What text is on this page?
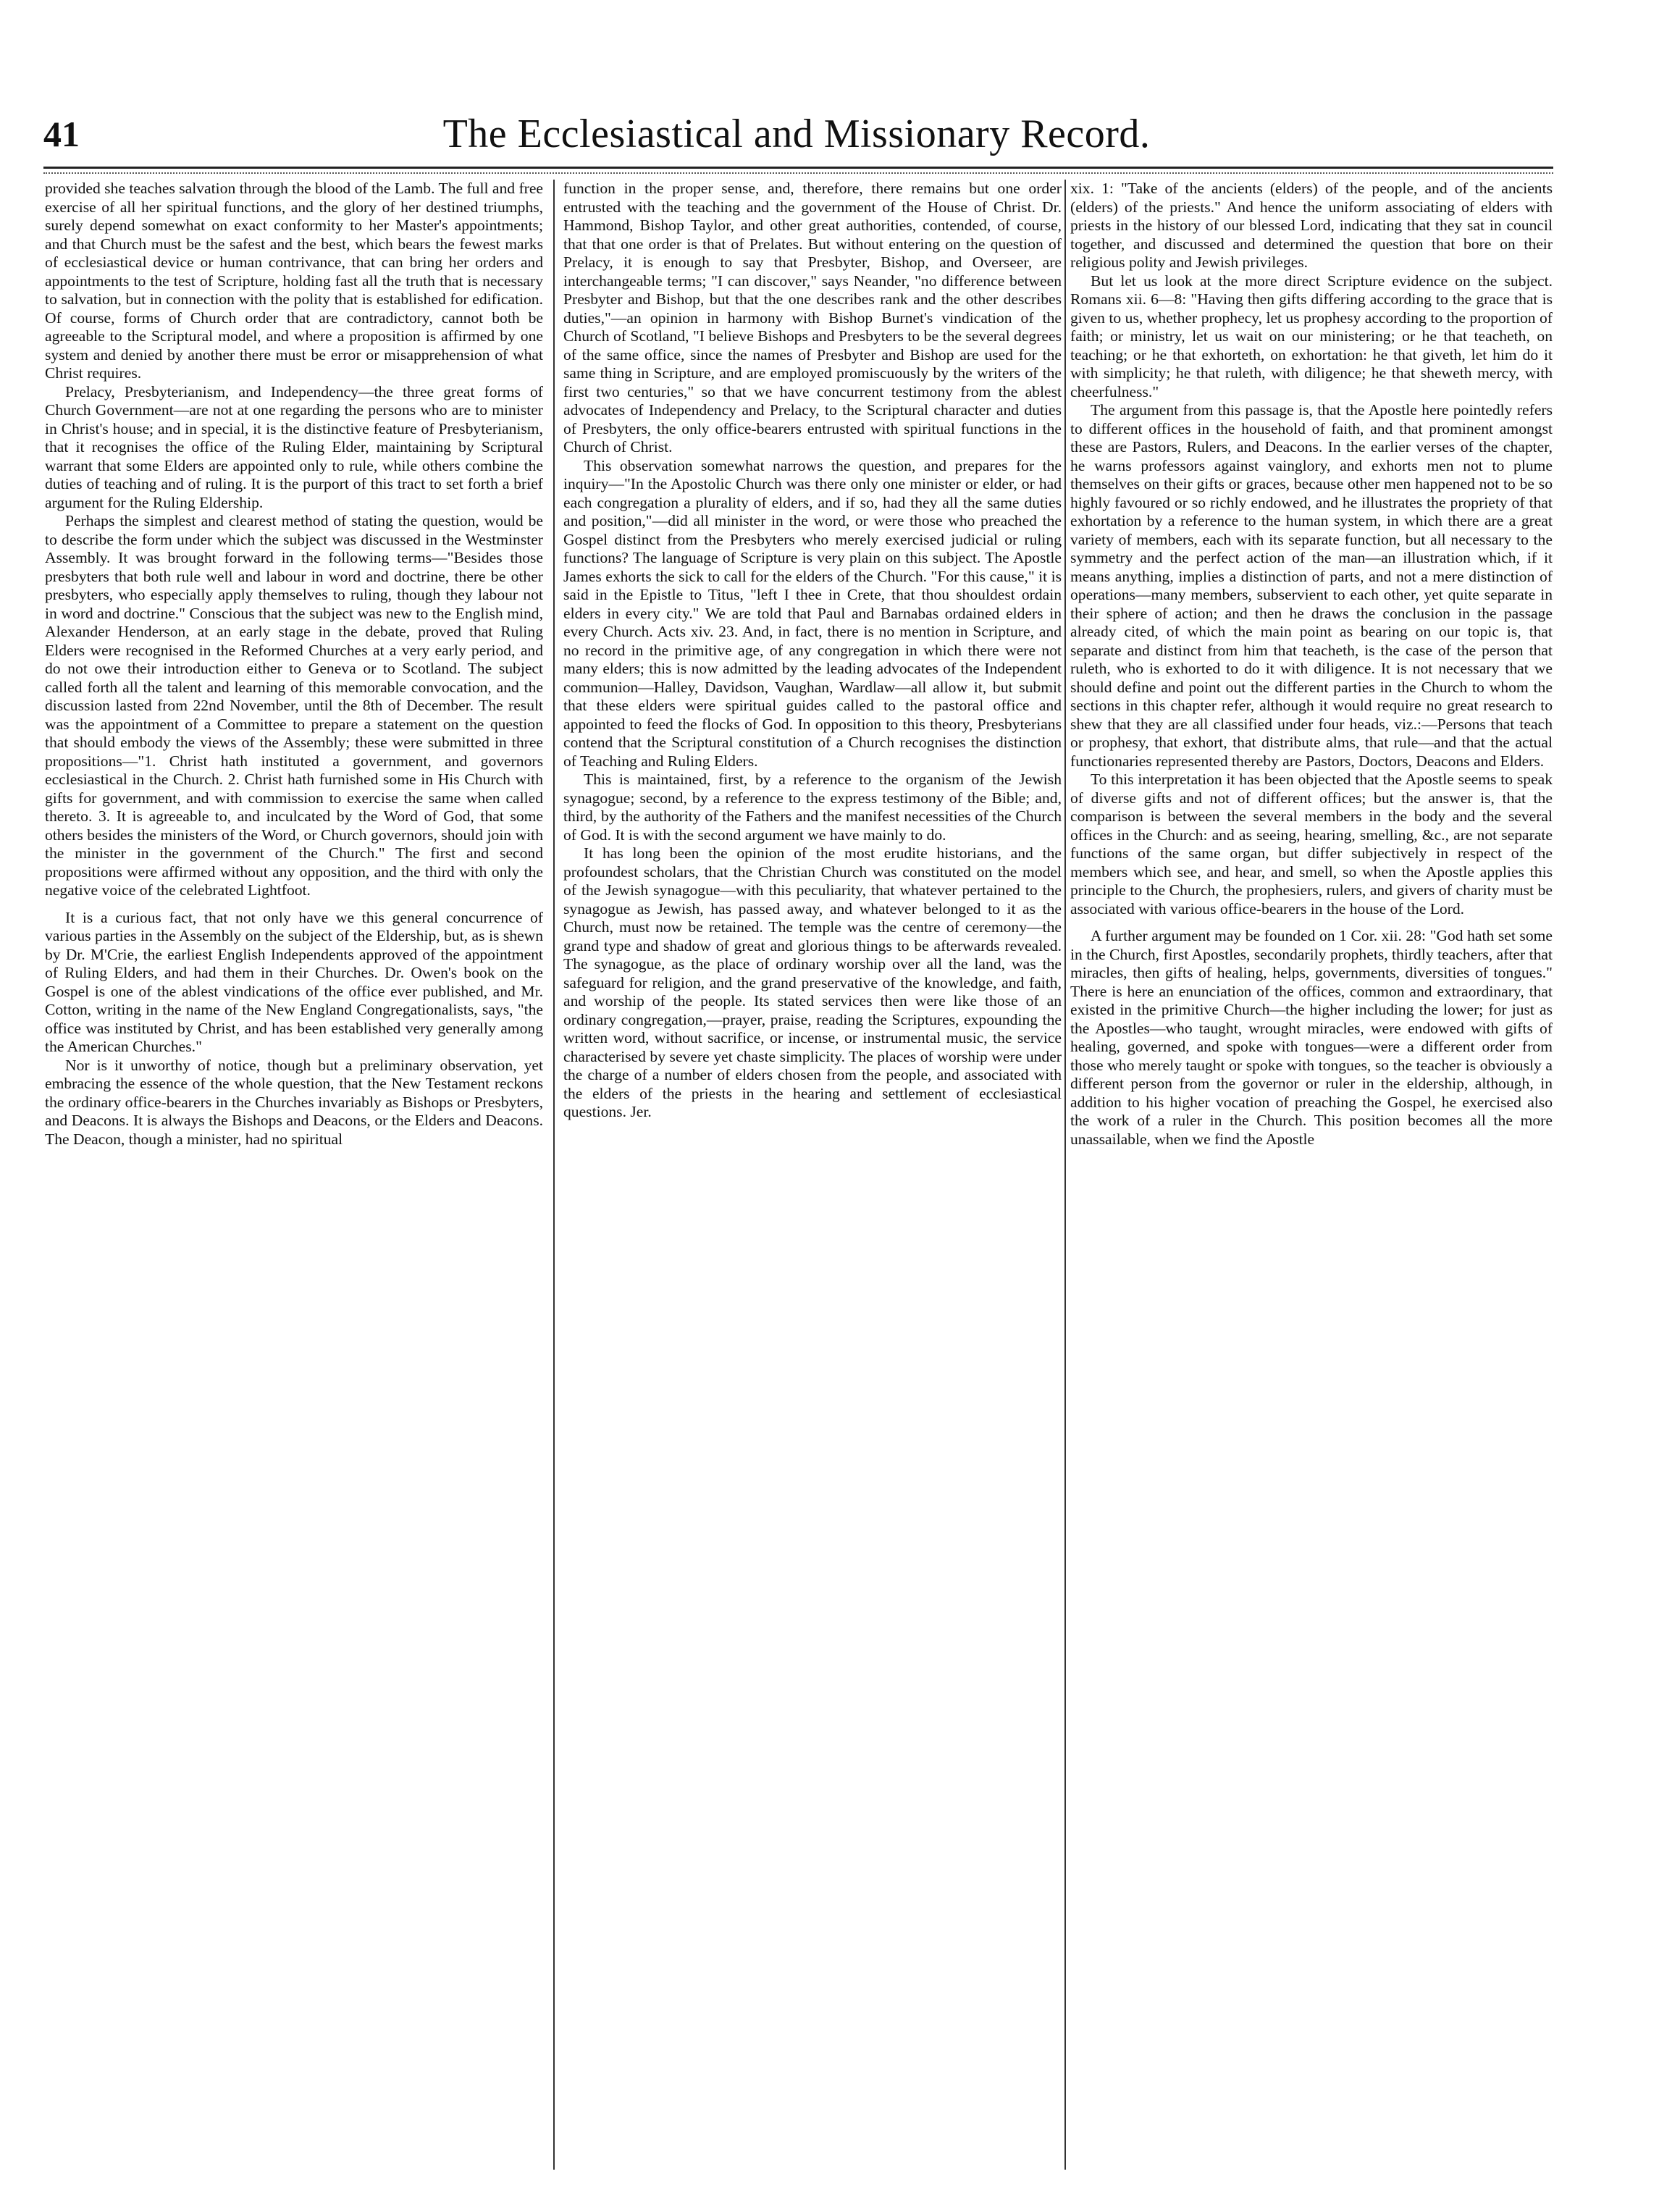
41	The Ecclesiastical and Missionary Record.

provided she teaches salvation through the blood of the Lamb. The full and free exercise of all her spiritual functions, and the glory of her destined triumphs, surely depend somewhat on exact conformity to her Master's appointments; and that Church must be the safest and the best, which bears the fewest marks of ecclesiastical device or human contrivance, that can bring her orders and appointments to the test of Scripture, holding fast all the truth that is necessary to salvation, but in connection with the polity that is established for edification. Of course, forms of Church order that are contradictory, cannot both be agreeable to the Scriptural model, and where a proposition is affirmed by one system and denied by another there must be error or misapprehension of what Christ requires.

Prelacy, Presbyterianism, and Independency—the three great forms of Church Government—are not at one regarding the persons who are to minister in Christ's house; and in special, it is the distinctive feature of Presbyterianism, that it recognises the office of the Ruling Elder, maintaining by Scriptural warrant that some Elders are appointed only to rule, while others combine the duties of teaching and of ruling. It is the purport of this tract to set forth a brief argument for the Ruling Eldership.

Perhaps the simplest and clearest method of stating the question, would be to describe the form under which the subject was discussed in the Westminster Assembly. It was brought forward in the following terms—"Besides those presbyters that both rule well and labour in word and doctrine, there be other presbyters, who especially apply themselves to ruling, though they labour not in word and doctrine." Conscious that the subject was new to the English mind, Alexander Henderson, at an early stage in the debate, proved that Ruling Elders were recognised in the Reformed Churches at a very early period, and do not owe their introduction either to Geneva or to Scotland. The subject called forth all the talent and learning of this memorable convocation, and the discussion lasted from 22nd November, until the 8th of December. The result was the appointment of a Committee to prepare a statement on the question that should embody the views of the Assembly; these were submitted in three propositions—"1. Christ hath instituted a government, and governors ecclesiastical in the Church. 2. Christ hath furnished some in His Church with gifts for government, and with commission to exercise the same when called thereto. 3. It is agreeable to, and inculcated by the Word of God, that some others besides the ministers of the Word, or Church governors, should join with the minister in the government of the Church." The first and second propositions were affirmed without any opposition, and the third with only the negative voice of the celebrated Lightfoot.

It is a curious fact, that not only have we this general concurrence of various parties in the Assembly on the subject of the Eldership, but, as is shewn by Dr. M'Crie, the earliest English Independents approved of the appointment of Ruling Elders, and had them in their Churches. Dr. Owen's book on the Gospel is one of the ablest vindications of the office ever published, and Mr. Cotton, writing in the name of the New England Congregationalists, says, "the office was instituted by Christ, and has been established very generally among the American Churches."

Nor is it unworthy of notice, though but a preliminary observation, yet embracing the essence of the whole question, that the New Testament reckons the ordinary office-bearers in the Churches invariably as Bishops or Presbyters, and Deacons. It is always the Bishops and Deacons, or the Elders and Deacons. The Deacon, though a minister, had no spiritual

function in the proper sense, and, therefore, there remains but one order entrusted with the teaching and the government of the House of Christ. Dr. Hammond, Bishop Taylor, and other great authorities, contended, of course, that that one order is that of Prelates. But without entering on the question of Prelacy, it is enough to say that Presbyter, Bishop, and Overseer, are interchangeable terms; "I can discover," says Neander, "no difference between Presbyter and Bishop, but that the one describes rank and the other describes duties,"—an opinion in harmony with Bishop Burnet's vindication of the Church of Scotland, "I believe Bishops and Presbyters to be the several degrees of the same office, since the names of Presbyter and Bishop are used for the same thing in Scripture, and are employed promiscuously by the writers of the first two centuries," so that we have concurrent testimony from the ablest advocates of Independency and Prelacy, to the Scriptural character and duties of Presbyters, the only office-bearers entrusted with spiritual functions in the Church of Christ.

This observation somewhat narrows the question, and prepares for the inquiry—"In the Apostolic Church was there only one minister or elder, or had each congregation a plurality of elders, and if so, had they all the same duties and position,"—did all minister in the word, or were those who preached the Gospel distinct from the Presbyters who merely exercised judicial or ruling functions? The language of Scripture is very plain on this subject. The Apostle James exhorts the sick to call for the elders of the Church. "For this cause," it is said in the Epistle to Titus, "left I thee in Crete, that thou shouldest ordain elders in every city." We are told that Paul and Barnabas ordained elders in every Church. Acts xiv. 23. And, in fact, there is no mention in Scripture, and no record in the primitive age, of any congregation in which there were not many elders; this is now admitted by the leading advocates of the Independent communion—Halley, Davidson, Vaughan, Wardlaw—all allow it, but submit that these elders were spiritual guides called to the pastoral office and appointed to feed the flocks of God. In opposition to this theory, Presbyterians contend that the Scriptural constitution of a Church recognises the distinction of Teaching and Ruling Elders.

This is maintained, first, by a reference to the organism of the Jewish synagogue; second, by a reference to the express testimony of the Bible; and, third, by the authority of the Fathers and the manifest necessities of the Church of God. It is with the second argument we have mainly to do.

It has long been the opinion of the most erudite historians, and the profoundest scholars, that the Christian Church was constituted on the model of the Jewish synagogue—with this peculiarity, that whatever pertained to the synagogue as Jewish, has passed away, and whatever belonged to it as the Church, must now be retained. The temple was the centre of ceremony—the grand type and shadow of great and glorious things to be afterwards revealed. The synagogue, as the place of ordinary worship over all the land, was the safeguard for religion, and the grand preservative of the knowledge, and faith, and worship of the people. Its stated services then were like those of an ordinary congregation,—prayer, praise, reading the Scriptures, expounding the written word, without sacrifice, or incense, or instrumental music, the service characterised by severe yet chaste simplicity. The places of worship were under the charge of a number of elders chosen from the people, and associated with the elders of the priests in the hearing and settlement of ecclesiastical questions. Jer.

xix. 1: "Take of the ancients (elders) of the people, and of the ancients (elders) of the priests." And hence the uniform associating of elders with priests in the history of our blessed Lord, indicating that they sat in council together, and discussed and determined the question that bore on their religious polity and Jewish privileges.

But let us look at the more direct Scripture evidence on the subject. Romans xii. 6—8: "Having then gifts differing according to the grace that is given to us, whether prophecy, let us prophesy according to the proportion of faith; or ministry, let us wait on our ministering; or he that teacheth, on teaching; or he that exhorteth, on exhortation: he that giveth, let him do it with simplicity; he that ruleth, with diligence; he that sheweth mercy, with cheerfulness."

The argument from this passage is, that the Apostle here pointedly refers to different offices in the household of faith, and that prominent amongst these are Pastors, Rulers, and Deacons. In the earlier verses of the chapter, he warns professors against vainglory, and exhorts men not to plume themselves on their gifts or graces, because other men happened not to be so highly favoured or so richly endowed, and he illustrates the propriety of that exhortation by a reference to the human system, in which there are a great variety of members, each with its separate function, but all necessary to the symmetry and the perfect action of the man—an illustration which, if it means anything, implies a distinction of parts, and not a mere distinction of operations—many members, subservient to each other, yet quite separate in their sphere of action; and then he draws the conclusion in the passage already cited, of which the main point as bearing on our topic is, that separate and distinct from him that teacheth, is the case of the person that ruleth, who is exhorted to do it with diligence. It is not necessary that we should define and point out the different parties in the Church to whom the sections in this chapter refer, although it would require no great research to shew that they are all classified under four heads, viz.:—Persons that teach or prophesy, that exhort, that distribute alms, that rule—and that the actual functionaries represented thereby are Pastors, Doctors, Deacons and Elders.

To this interpretation it has been objected that the Apostle seems to speak of diverse gifts and not of different offices; but the answer is, that the comparison is between the several members in the body and the several offices in the Church: and as seeing, hearing, smelling, &c., are not separate functions of the same organ, but differ subjectively in respect of the members which see, and hear, and smell, so when the Apostle applies this principle to the Church, the prophesiers, rulers, and givers of charity must be associated with various office-bearers in the house of the Lord.

A further argument may be founded on 1 Cor. xii. 28: "God hath set some in the Church, first Apostles, secondarily prophets, thirdly teachers, after that miracles, then gifts of healing, helps, governments, diversities of tongues." There is here an enunciation of the offices, common and extraordinary, that existed in the primitive Church—the higher including the lower; for just as the Apostles—who taught, wrought miracles, were endowed with gifts of healing, governed, and spoke with tongues—were a different order from those who merely taught or spoke with tongues, so the teacher is obviously a different person from the governor or ruler in the eldership, although, in addition to his higher vocation of preaching the Gospel, he exercised also the work of a ruler in the Church. This position becomes all the more unassailable, when we find the Apostle
